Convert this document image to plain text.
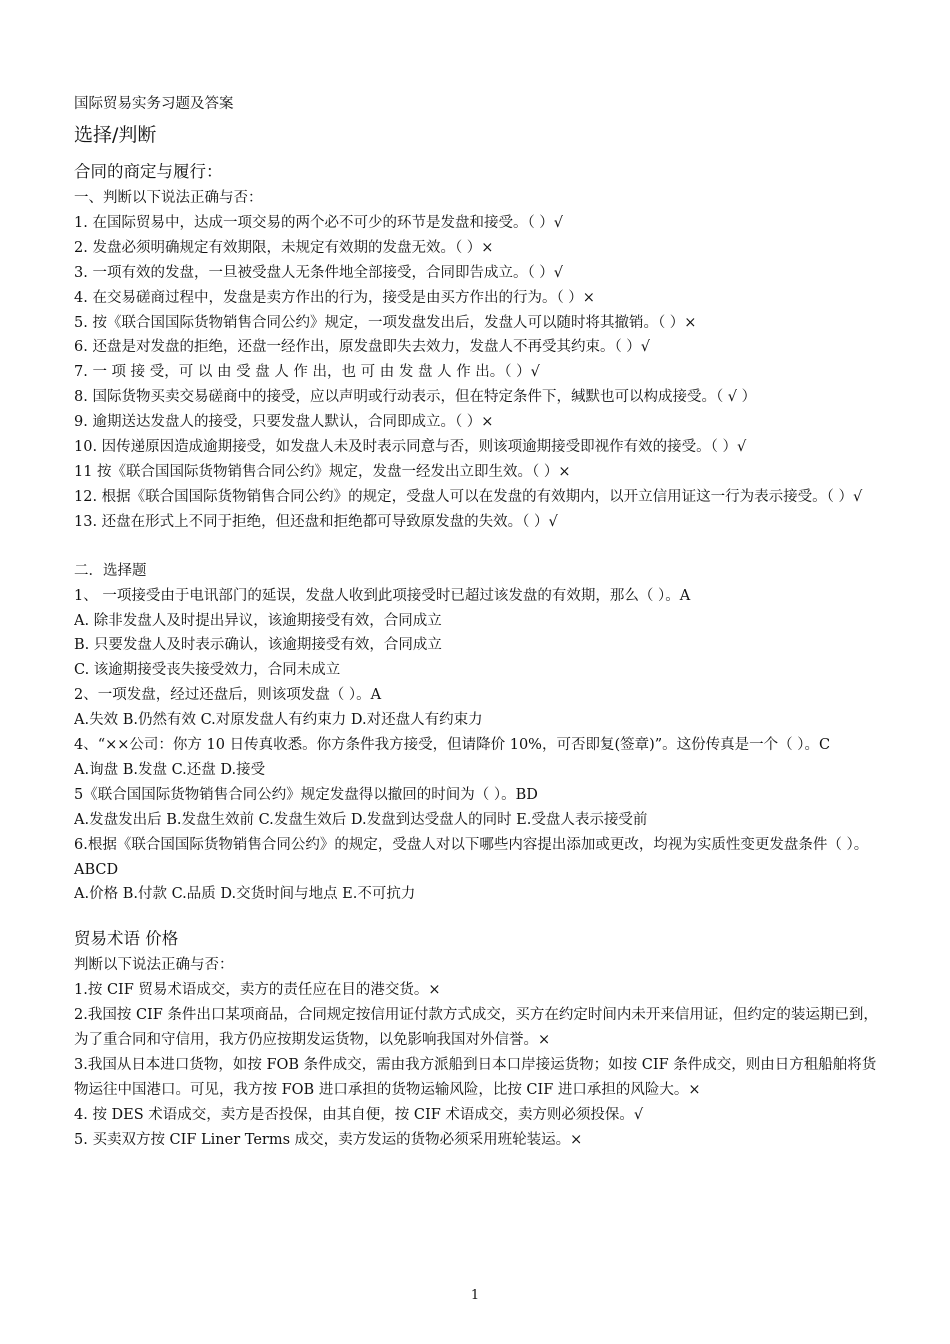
国际贸易实务习题及答案
选择/判断
合同的商定与履行：
一、判断以下说法正确与否：
1. 在国际贸易中，达成一项交易的两个必不可少的环节是发盘和接受。（ ）√
2. 发盘必须明确规定有效期限，未规定有效期的发盘无效。（ ）×
3. 一项有效的发盘，一旦被受盘人无条件地全部接受，合同即告成立。（ ）√
4. 在交易磋商过程中，发盘是卖方作出的行为，接受是由买方作出的行为。（ ）×
5. 按《联合国国际货物销售合同公约》规定，一项发盘发出后，发盘人可以随时将其撤销。（ ）×
6. 还盘是对发盘的拒绝，还盘一经作出，原发盘即失去效力，发盘人不再受其约束。（ ）√
7. 一 项 接 受，可 以 由 受 盘 人 作 出，也 可 由 发 盘 人 作 出。（ ）√
8. 国际货物买卖交易磋商中的接受，应以声明或行动表示，但在特定条件下，缄默也可以构成接受。（ √ ）
9. 逾期送达发盘人的接受，只要发盘人默认，合同即成立。（ ）×
10. 因传递原因造成逾期接受，如发盘人未及时表示同意与否，则该项逾期接受即视作有效的接受。（ ）√
11 按《联合国国际货物销售合同公约》规定，发盘一经发出立即生效。（ ）×
12. 根据《联合国国际货物销售合同公约》的规定，受盘人可以在发盘的有效期内，以开立信用证这一行为表示接受。（ ）√
13. 还盘在形式上不同于拒绝，但还盘和拒绝都可导致原发盘的失效。（ ）√
二．选择题
1、 一项接受由于电讯部门的延误，发盘人收到此项接受时已超过该发盘的有效期，那么（ ）。A
A. 除非发盘人及时提出异议，该逾期接受有效，合同成立
B. 只要发盘人及时表示确认，该逾期接受有效，合同成立
C. 该逾期接受丧失接受效力，合同未成立
2、一项发盘，经过还盘后，则该项发盘（ ）。A
A.失效 B.仍然有效 C.对原发盘人有约束力 D.对还盘人有约束力
4、“××公司：你方 10 日传真收悉。你方条件我方接受，但请降价 10%，可否即复(签章)”。这份传真是一个（ ）。C
A.询盘 B.发盘 C.还盘 D.接受
5《联合国国际货物销售合同公约》规定发盘得以撤回的时间为（ ）。BD
A.发盘发出后 B.发盘生效前 C.发盘生效后 D.发盘到达受盘人的同时 E.受盘人表示接受前
6.根据《联合国国际货物销售合同公约》的规定，受盘人对以下哪些内容提出添加或更改，均视为实质性变更发盘条件（ ）。ABCD
A.价格 B.付款 C.品质 D.交货时间与地点 E.不可抗力
贸易术语 价格
判断以下说法正确与否：
1.按 CIF 贸易术语成交，卖方的责任应在目的港交货。×
2.我国按 CIF 条件出口某项商品，合同规定按信用证付款方式成交，买方在约定时间内未开来信用证，但约定的装运期已到，为了重合同和守信用，我方仍应按期发运货物，以免影响我国对外信誉。×
3.我国从日本进口货物，如按 FOB 条件成交，需由我方派船到日本口岸接运货物；如按 CIF 条件成交，则由日方租船舶将货物运往中国港口。可见，我方按 FOB 进口承担的货物运输风险，比按 CIF 进口承担的风险大。×
4. 按 DES 术语成交，卖方是否投保，由其自便，按 CIF 术语成交，卖方则必须投保。√
5. 买卖双方按 CIF Liner Terms 成交，卖方发运的货物必须采用班轮装运。×
1
